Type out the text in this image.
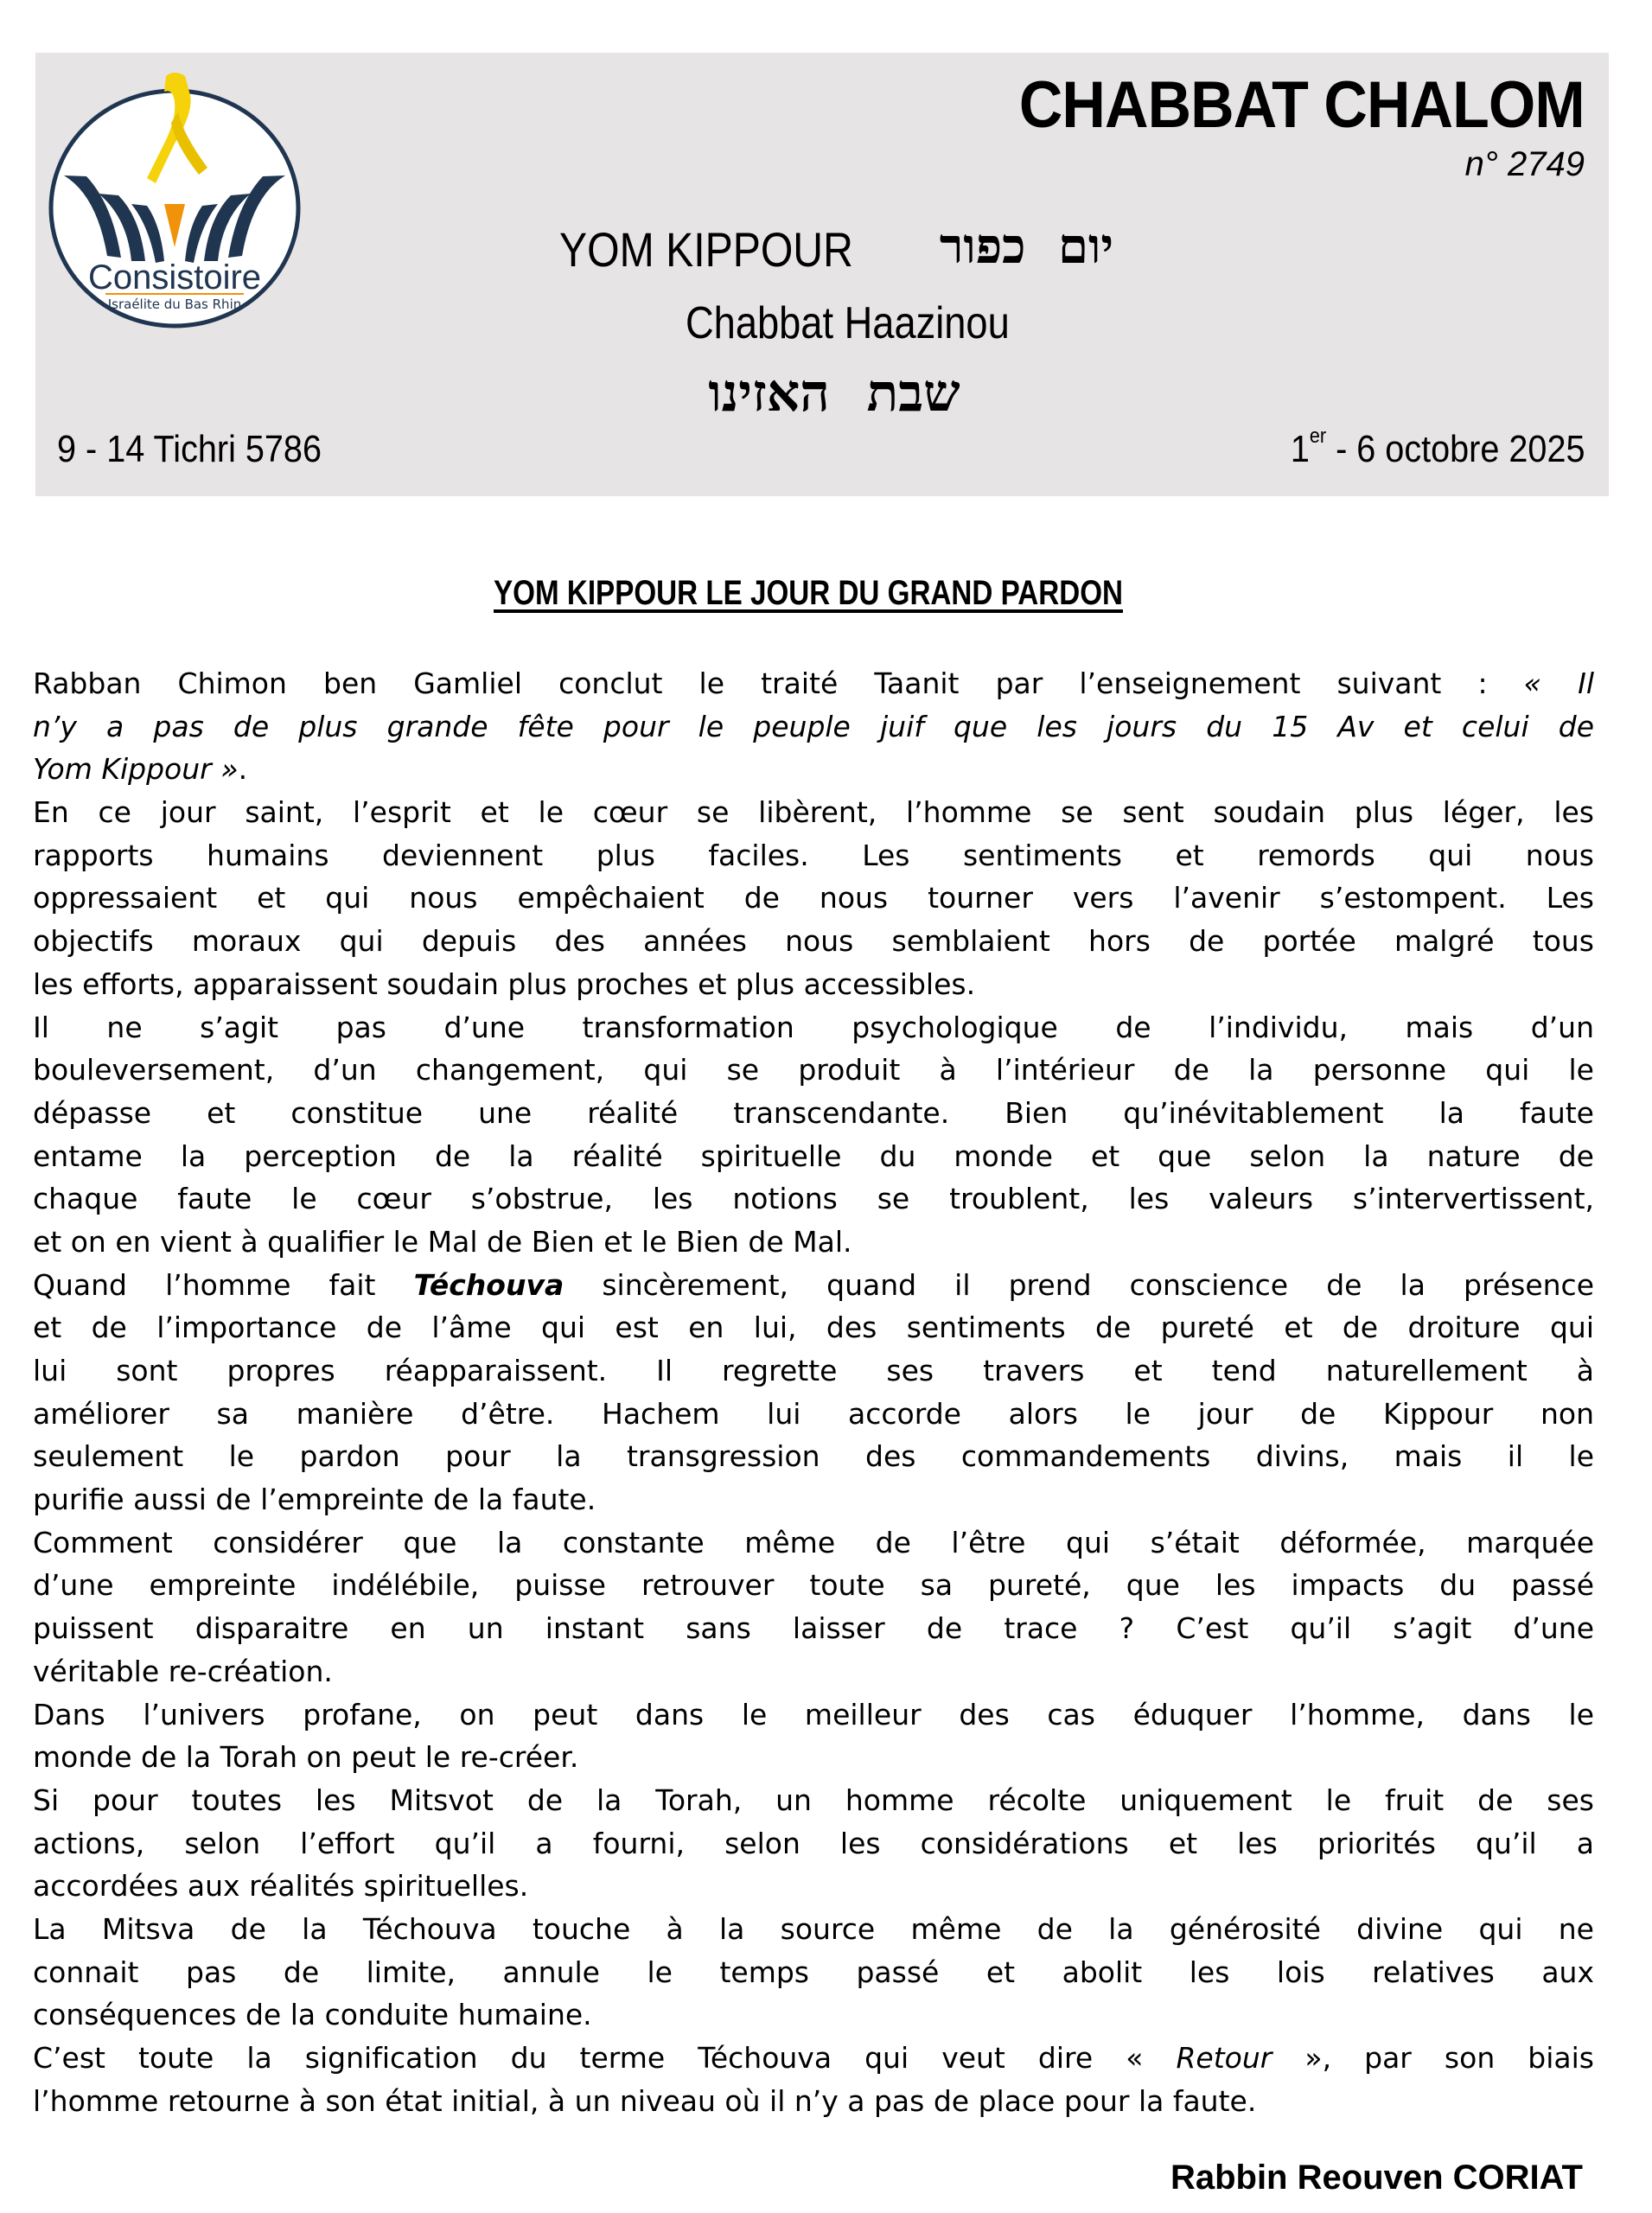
Consistoire
Israélite du Bas Rhin
CHABBAT CHALOM
n° 2749
YOM KIPPOUR	יום כפור
Chabbat Haazinou
שבת האזינו
9 - 14 Tichri 5786	1er - 6 octobre 2025
YOM KIPPOUR LE JOUR DU GRAND PARDON
Rabban Chimon ben Gamliel conclut le traité Taanit par l’enseignement suivant : « Il
n’y a pas de plus grande fête pour le peuple juif que les jours du 15 Av et celui de
Yom Kippour ».
En ce jour saint, l’esprit et le cœur se libèrent, l’homme se sent soudain plus léger, les
rapports humains deviennent plus faciles. Les sentiments et remords qui nous
oppressaient et qui nous empêchaient de nous tourner vers l’avenir s’estompent. Les
objectifs moraux qui depuis des années nous semblaient hors de portée malgré tous
les efforts, apparaissent soudain plus proches et plus accessibles.
Il ne s’agit pas d’une transformation psychologique de l’individu, mais d’un
bouleversement, d’un changement, qui se produit à l’intérieur de la personne qui le
dépasse et constitue une réalité transcendante. Bien qu’inévitablement la faute
entame la perception de la réalité spirituelle du monde et que selon la nature de
chaque faute le cœur s’obstrue, les notions se troublent, les valeurs s’intervertissent,
et on en vient à qualifier le Mal de Bien et le Bien de Mal.
Quand l’homme fait Téchouva sincèrement, quand il prend conscience de la présence
et de l’importance de l’âme qui est en lui, des sentiments de pureté et de droiture qui
lui sont propres réapparaissent. Il regrette ses travers et tend naturellement à
améliorer sa manière d’être. Hachem lui accorde alors le jour de Kippour non
seulement le pardon pour la transgression des commandements divins, mais il le
purifie aussi de l’empreinte de la faute.
Comment considérer que la constante même de l’être qui s’était déformée, marquée
d’une empreinte indélébile, puisse retrouver toute sa pureté, que les impacts du passé
puissent disparaitre en un instant sans laisser de trace ? C’est qu’il s’agit d’une
véritable re-création.
Dans l’univers profane, on peut dans le meilleur des cas éduquer l’homme, dans le
monde de la Torah on peut le re-créer.
Si pour toutes les Mitsvot de la Torah, un homme récolte uniquement le fruit de ses
actions, selon l’effort qu’il a fourni, selon les considérations et les priorités qu’il a
accordées aux réalités spirituelles.
La Mitsva de la Téchouva touche à la source même de la générosité divine qui ne
connait pas de limite, annule le temps passé et abolit les lois relatives aux
conséquences de la conduite humaine.
C’est toute la signification du terme Téchouva qui veut dire « Retour », par son biais
l’homme retourne à son état initial, à un niveau où il n’y a pas de place pour la faute.
Rabbin Reouven CORIAT
